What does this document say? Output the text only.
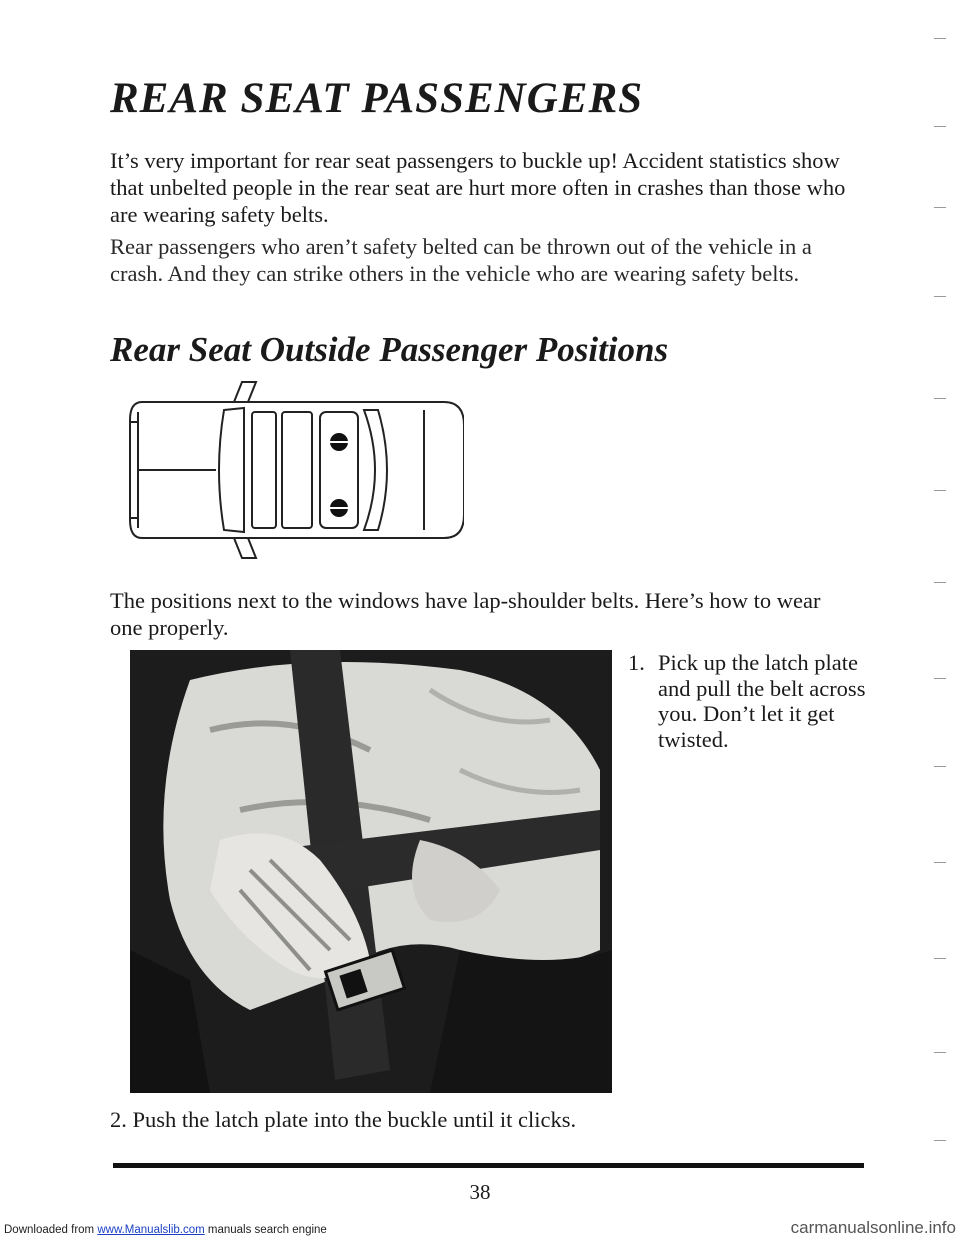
REAR SEAT PASSENGERS

It’s very important for rear seat passengers to buckle up! Accident statistics show that unbelted people in the rear seat are hurt more often in crashes than those who are wearing safety belts.

Rear passengers who aren’t safety belted can be thrown out of the vehicle in a crash. And they can strike others in the vehicle who are wearing safety belts.

Rear Seat Outside Passenger Positions

The positions next to the windows have lap-shoulder belts. Here’s how to wear one properly.

1. Pick up the latch plate and pull the belt across you. Don’t let it get twisted.
2. Push the latch plate into the buckle until it clicks.
38
Downloaded from www.Manualslib.com manuals search engine	carmanualsonline.info
